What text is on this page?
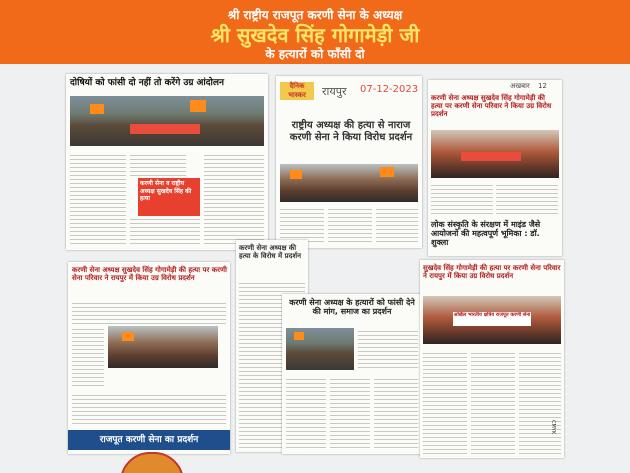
श्री राष्ट्रीय राजपूत करणी सेना के अध्यक्ष
श्री सुखदेव सिंह गोगामेड़ी जी
के हत्यारों को फाँसी दो
दोषियों को फांसी दो नहीं तो करेंगे उग्र आंदोलन
करणी सेना व राष्ट्रीय अध्यक्ष सुखदेव सिंह की हत्या
दैनिक भास्कर	रायपुर 07-12-2023
राष्ट्रीय अध्यक्ष की हत्या से नाराज करणी सेना ने किया विरोध प्रदर्शन
अखबार 12
करणी सेना अध्यक्ष सुखदेव सिंह गोगामेड़ी की हत्या पर करणी सेना परिवार ने किया उग्र विरोध प्रदर्शन
लोक संस्कृति के संरक्षण में माइंड जैसे आयोजनों की महत्वपूर्ण भूमिका : डॉ. शुक्ला
करणी सेना अध्यक्ष सुखदेव सिंह गोगामेड़ी की हत्या पर करणी सेना परिवार ने रायपुर में किया उग्र विरोध प्रदर्शन
राजपूत करणी सेना का प्रदर्शन
करणी सेना अध्यक्ष की हत्या के विरोध में प्रदर्शन
करणी सेना अध्यक्ष के हत्यारों को फांसी देने की मांग, समाज का प्रदर्शन
सुखदेव सिंह गोगामेड़ी की हत्या पर करणी सेना परिवार ने रायपुर में किया उग्र विरोध प्रदर्शन
अखिल भारतीय क्षत्रिय राजपूत करणी सेना
CMYK
